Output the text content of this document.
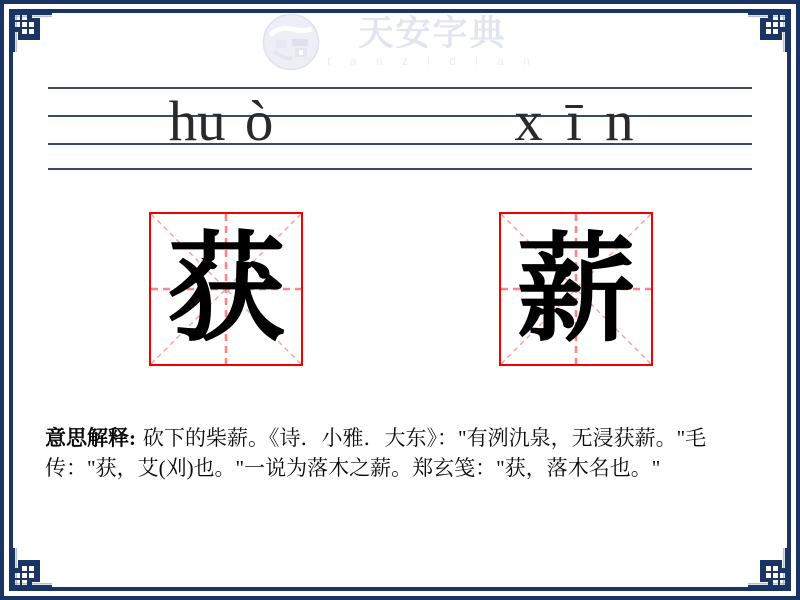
天安字典
t a n z i d i a n
hu ò	x ī n
获 薪
意思解释: 砍下的柴薪。《诗．小雅．大东》："有洌氿泉，无浸获薪。"毛传："获，艾(刈)也。"一说为落木之薪。郑玄笺："获，落木名也。"
